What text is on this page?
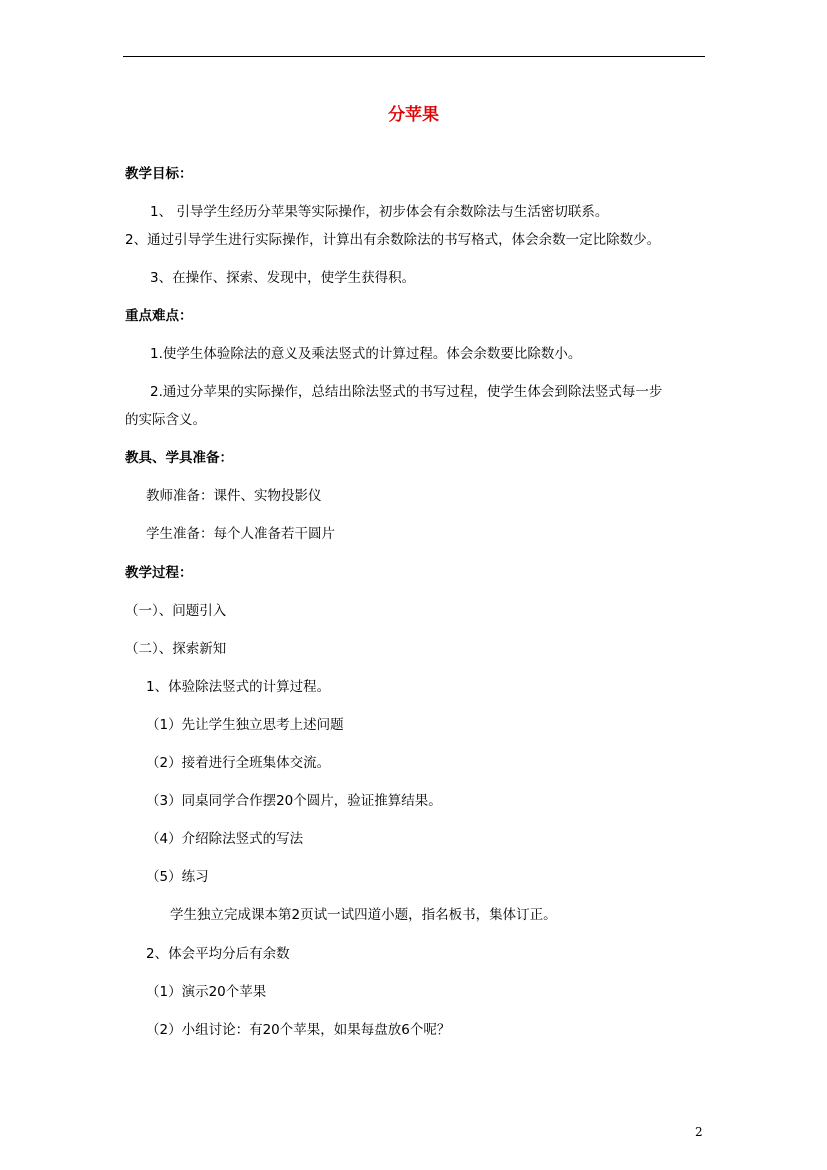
分苹果
教学目标：
1、 引导学生经历分苹果等实际操作，初步体会有余数除法与生活密切联系。
2、通过引导学生进行实际操作，计算出有余数除法的书写格式，体会余数一定比除数少。
3、在操作、探索、发现中，使学生获得积。
重点难点：
1.使学生体验除法的意义及乘法竖式的计算过程。体会余数要比除数小。
2.通过分苹果的实际操作，总结出除法竖式的书写过程，使学生体会到除法竖式每一步
的实际含义。
教具、学具准备：
教师准备：课件、实物投影仪
学生准备：每个人准备若干圆片
教学过程：
（一）、问题引入
（二）、探索新知
1、体验除法竖式的计算过程。
（1）先让学生独立思考上述问题
（2）接着进行全班集体交流。
（3）同桌同学合作摆20个圆片，验证推算结果。
（4）介绍除法竖式的写法
（5）练习
学生独立完成课本第2页试一试四道小题，指名板书，集体订正。
2、体会平均分后有余数
（1）演示20个苹果
（2）小组讨论：有20个苹果，如果每盘放6个呢？
2
